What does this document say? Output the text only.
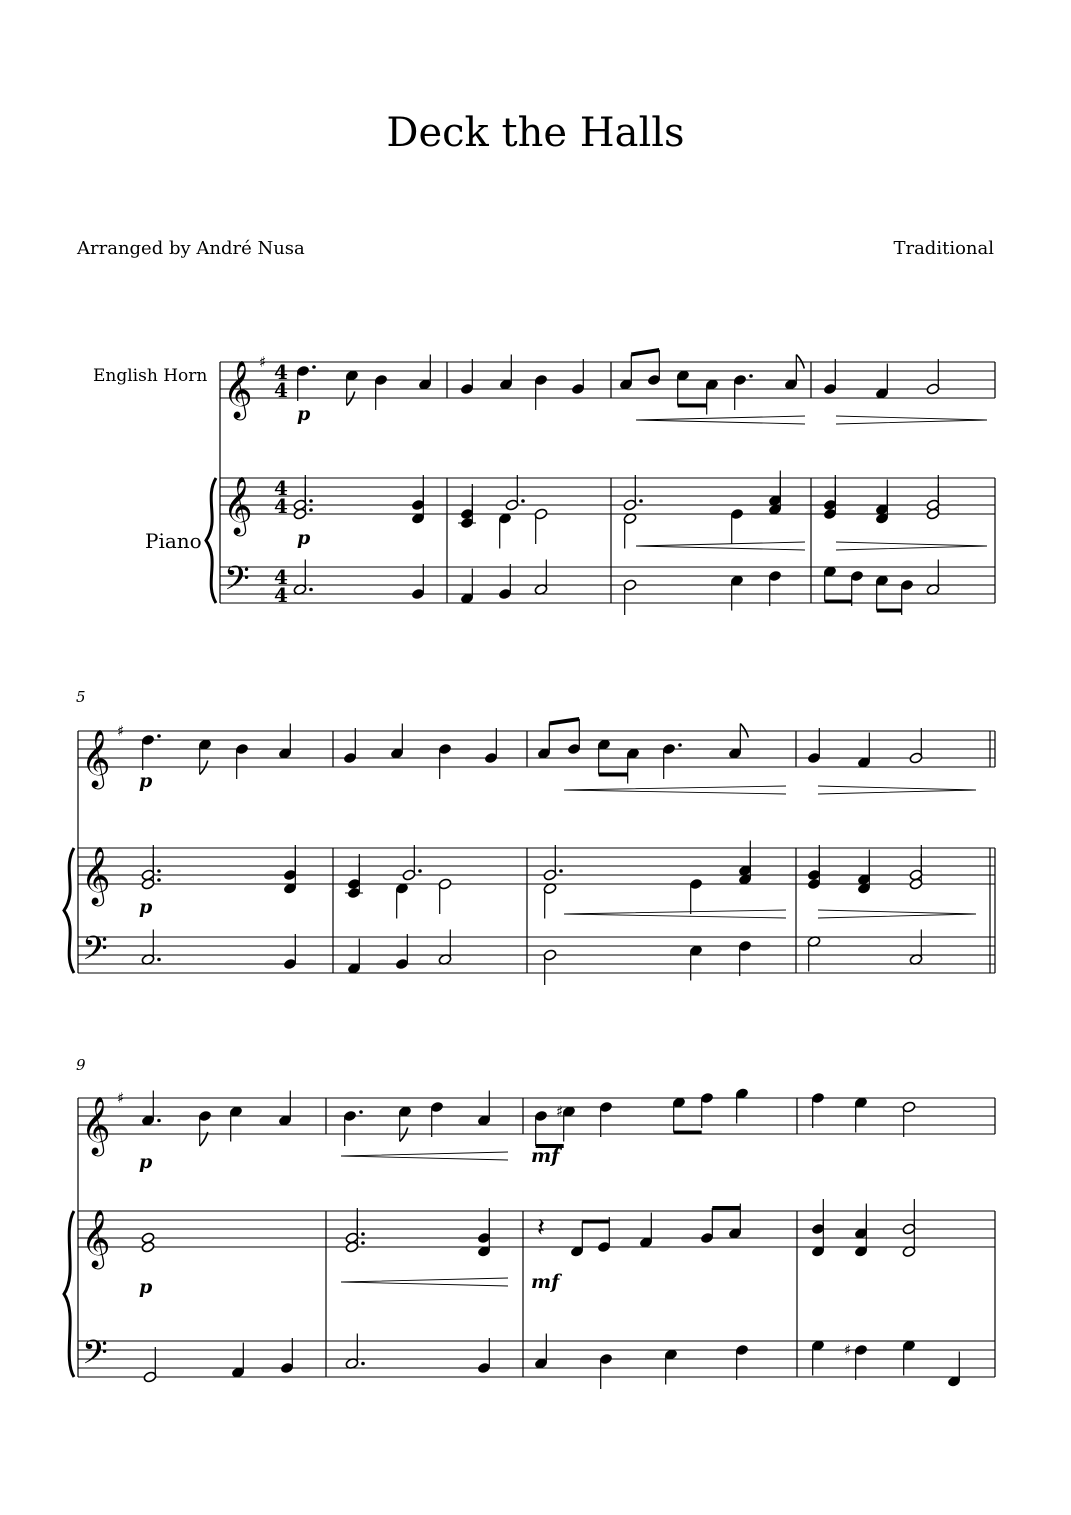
Deck the Halls
Arranged by André Nusa	Traditional
English Horn
Piano
5
9
𝄞
𝄞
𝄢
♯ 4
4
4
4
4
4
𝄞
𝄞
𝄢
♯
𝄞
𝄞
𝄢
♯
♯
𝄽
♯
p
p
p
p
p
p
mf
mf
